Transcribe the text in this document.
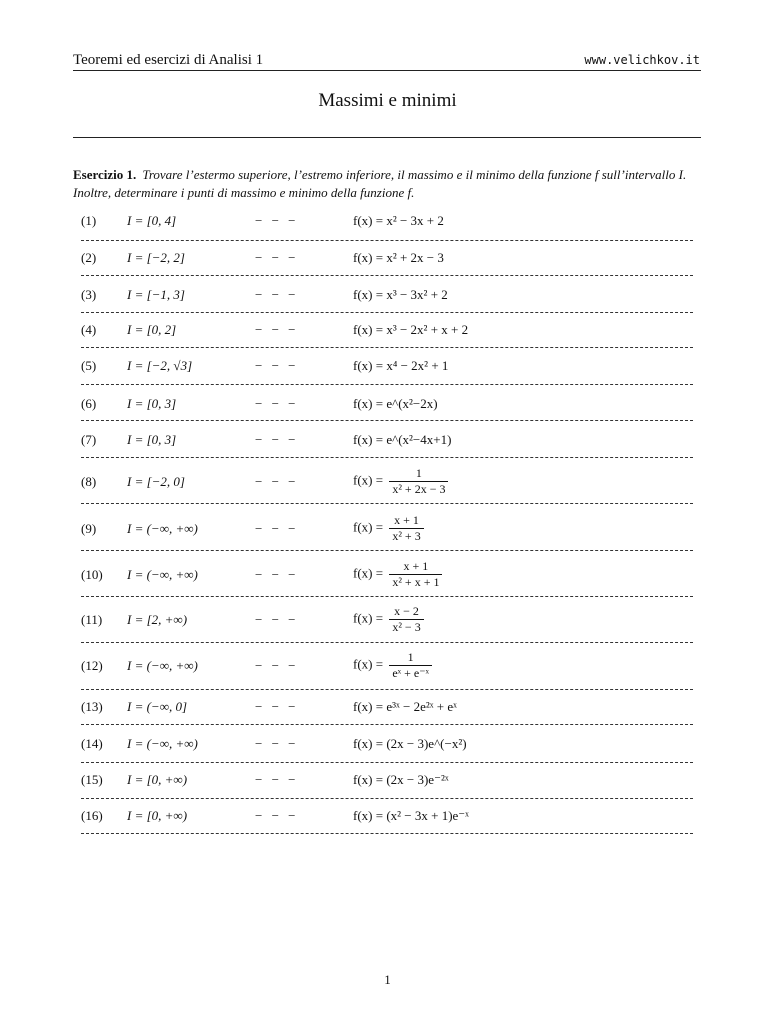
Teoremi ed esercizi di Analisi 1	www.velichkov.it
Massimi e minimi
Esercizio 1. Trovare l’estermo superiore, l’estremo inferiore, il massimo e il minimo della funzione f sull’intervallo I. Inoltre, determinare i punti di massimo e minimo della funzione f.
(1) I = [0, 4]	− − −	f(x) = x² − 3x + 2
(2) I = [−2, 2]	− − −	f(x) = x² + 2x − 3
(3) I = [−1, 3]	− − −	f(x) = x³ − 3x² + 2
(4) I = [0, 2]	− − −	f(x) = x³ − 2x² + x + 2
(5) I = [−2, √3]	− − −	f(x) = x⁴ − 2x² + 1
(6) I = [0, 3]	− − −	f(x) = e^(x²−2x)
(7) I = [0, 3]	− − −	f(x) = e^(x²−4x+1)
(8) I = [−2, 0]	− − −	$f(x) = \frac{1}{\text{x² + 2x − 3}}$
(9) I = (−∞, +∞)	− − −	$f(x) = \frac{x + 1}{\text{x² + 3}}$
(10) I = (−∞, +∞)	− − −	$f(x) = \frac{x + 1}{\text{x² + x + 1}}$
(11) I = [2, +∞)	− − −	$f(x) = \frac{x - 2}{\text{x² − 3}}$
(12) I = (−∞, +∞)	− − −	$f(x) = \frac{1}{\text{eˣ + e⁻ˣ}}$
(13) I = (−∞, 0]	− − −	f(x) = e³ˣ − 2e²ˣ + eˣ
(14) I = (−∞, +∞)	− − −	f(x) = (2x − 3)e^(−x²)
(15) I = [0, +∞)	− − −	f(x) = (2x − 3)e⁻²ˣ
(16) I = [0, +∞)	− − −	f(x) = (x² − 3x + 1)e⁻ˣ
1
